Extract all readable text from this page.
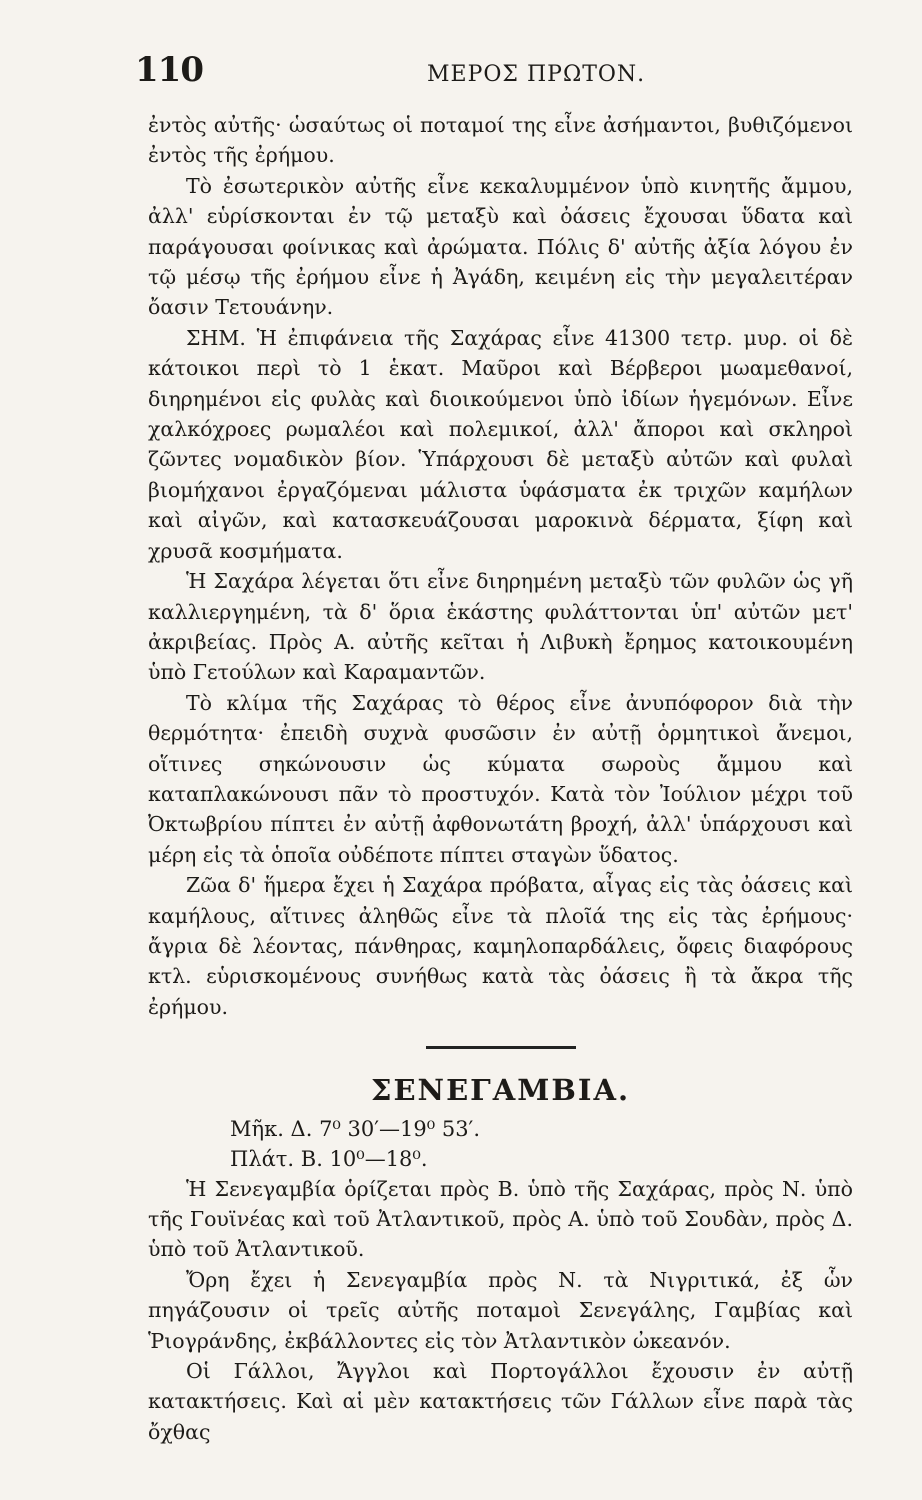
110	ΜΕΡΟΣ ΠΡΩΤΟΝ.

ἐντὸς αὐτῆς· ὡσαύτως οἱ ποταμοί της εἶνε ἀσήμαντοι, βυθιζόμενοι ἐντὸς τῆς ἐρήμου.

Τὸ ἐσωτερικὸν αὐτῆς εἶνε κεκαλυμμένον ὑπὸ κινητῆς ἄμμου, ἀλλ' εὑρίσκονται ἐν τῷ μεταξὺ καὶ ὀάσεις ἔχουσαι ὕδατα καὶ παράγουσαι φοίνικας καὶ ἀρώματα. Πόλις δ' αὐτῆς ἀξία λόγου ἐν τῷ μέσῳ τῆς ἐρήμου εἶνε ἡ Ἀγάδη, κειμένη εἰς τὴν μεγαλειτέραν ὄασιν Τετουάνην.

ΣΗΜ. Ἡ ἐπιφάνεια τῆς Σαχάρας εἶνε 41300 τετρ. μυρ. οἱ δὲ κάτοικοι περὶ τὸ 1 ἑκατ. Μαῦροι καὶ Βέρβεροι μωαμεθανοί, διηρημένοι εἰς φυλὰς καὶ διοικούμενοι ὑπὸ ἰδίων ἡγεμόνων. Εἶνε χαλκόχροες ρωμαλέοι καὶ πολεμικοί, ἀλλ' ἄποροι καὶ σκληροὶ ζῶντες νομαδικὸν βίον. Ὑπάρχουσι δὲ μεταξὺ αὐτῶν καὶ φυλαὶ βιομήχανοι ἐργαζόμεναι μάλιστα ὑφάσματα ἐκ τριχῶν καμήλων καὶ αἰγῶν, καὶ κατασκευάζουσαι μαροκινὰ δέρματα, ξίφη καὶ χρυσᾶ κοσμήματα.

Ἡ Σαχάρα λέγεται ὅτι εἶνε διηρημένη μεταξὺ τῶν φυλῶν ὡς γῆ καλλιεργημένη, τὰ δ' ὅρια ἑκάστης φυλάττονται ὑπ' αὐτῶν μετ' ἀκριβείας. Πρὸς Α. αὐτῆς κεῖται ἡ Λιβυκὴ ἔρημος κατοικουμένη ὑπὸ Γετούλων καὶ Καραμαντῶν.

Τὸ κλίμα τῆς Σαχάρας τὸ θέρος εἶνε ἀνυπόφορον διὰ τὴν θερμότητα· ἐπειδὴ συχνὰ φυσῶσιν ἐν αὐτῇ ὁρμητικοὶ ἄνεμοι, οἵτινες σηκώνουσιν ὡς κύματα σωροὺς ἄμμου καὶ καταπλακώνουσι πᾶν τὸ προστυχόν. Κατὰ τὸν Ἰούλιον μέχρι τοῦ Ὀκτωβρίου πίπτει ἐν αὐτῇ ἀφθονωτάτη βροχή, ἀλλ' ὑπάρχουσι καὶ μέρη εἰς τὰ ὁποῖα οὐδέποτε πίπτει σταγὼν ὕδατος.

Ζῶα δ' ἥμερα ἔχει ἡ Σαχάρα πρόβατα, αἶγας εἰς τὰς ὀάσεις καὶ καμήλους, αἵτινες ἀληθῶς εἶνε τὰ πλοῖά της εἰς τὰς ἐρήμους· ἄγρια δὲ λέοντας, πάνθηρας, καμηλοπαρδάλεις, ὄφεις διαφόρους κτλ. εὑρισκομένους συνήθως κατὰ τὰς ὀάσεις ἢ τὰ ἄκρα τῆς ἐρήμου.

ΣΕΝΕΓΑΜΒΙΑ.

Μῆκ. Δ. 7⁰ 30′—19⁰ 53′.

Πλάτ. Β. 10⁰—18⁰.

Ἡ Σενεγαμβία ὁρίζεται πρὸς Β. ὑπὸ τῆς Σαχάρας, πρὸς Ν. ὑπὸ τῆς Γουϊνέας καὶ τοῦ Ἀτλαντικοῦ, πρὸς Α. ὑπὸ τοῦ Σουδὰν, πρὸς Δ. ὑπὸ τοῦ Ἀτλαντικοῦ.

Ὄρη ἔχει ἡ Σενεγαμβία πρὸς Ν. τὰ Νιγριτικά, ἐξ ὧν πηγάζουσιν οἱ τρεῖς αὐτῆς ποταμοὶ Σενεγάλης, Γαμβίας καὶ Ῥιογράνδης, ἐκβάλλοντες εἰς τὸν Ἀτλαντικὸν ὠκεανόν.

Οἱ Γάλλοι, Ἄγγλοι καὶ Πορτογάλλοι ἔχουσιν ἐν αὐτῇ κατακτήσεις. Καὶ αἱ μὲν κατακτήσεις τῶν Γάλλων εἶνε παρὰ τὰς ὄχθας
